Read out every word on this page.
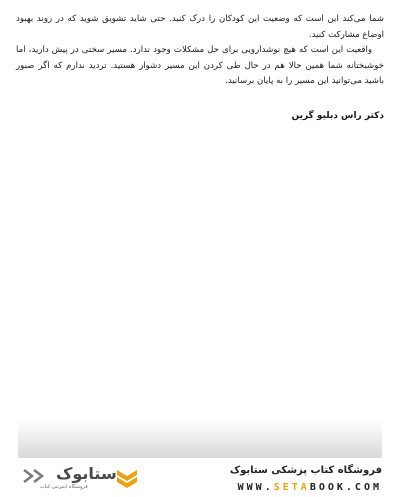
شما می‌کند این است که وضعیت این کودکان را درک کنید. حتی شاید تشویق شوید که در روند بهبود اوضاع مشارکت کنید.

واقعیت این است که هیچ نوشدارویی برای حل مشکلات وجود ندارد. مسیر سختی در پیش دارید، اما خوشبختانه شما همین حالا هم در حال طی کردن این مسیر دشوار هستید. تردید ندارم که اگر صبور باشید می‌توانید این مسیر را به پایان برسانید.

دکتر راس دبلیو گرین
ستابوک
فروشگاه اینترنتی کتاب
فروشگاه کتاب پزشکی ستابوک
WWW.SETABOOK.COM
